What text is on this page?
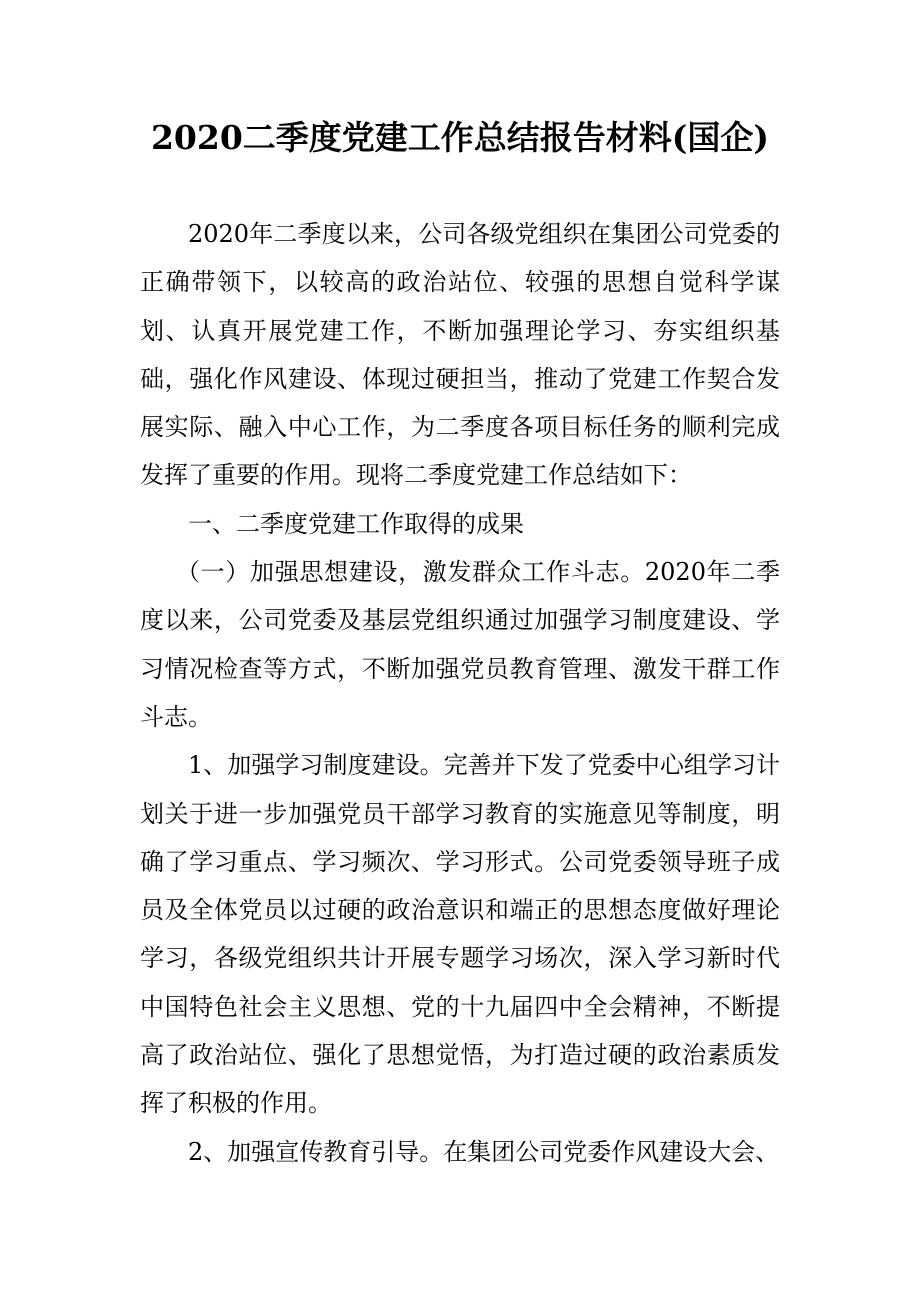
2020二季度党建工作总结报告材料(国企)

2020年二季度以来，公司各级党组织在集团公司党委的正确带领下，以较高的政治站位、较强的思想自觉科学谋划、认真开展党建工作，不断加强理论学习、夯实组织基础，强化作风建设、体现过硬担当，推动了党建工作契合发展实际、融入中心工作，为二季度各项目标任务的顺利完成发挥了重要的作用。现将二季度党建工作总结如下：

一、二季度党建工作取得的成果

（一）加强思想建设，激发群众工作斗志。2020年二季度以来，公司党委及基层党组织通过加强学习制度建设、学习情况检查等方式，不断加强党员教育管理、激发干群工作斗志。

1、加强学习制度建设。完善并下发了党委中心组学习计划关于进一步加强党员干部学习教育的实施意见等制度，明确了学习重点、学习频次、学习形式。公司党委领导班子成员及全体党员以过硬的政治意识和端正的思想态度做好理论学习，各级党组织共计开展专题学习场次，深入学习新时代中国特色社会主义思想、党的十九届四中全会精神，不断提高了政治站位、强化了思想觉悟，为打造过硬的政治素质发挥了积极的作用。

2、加强宣传教育引导。在集团公司党委作风建设大会、
